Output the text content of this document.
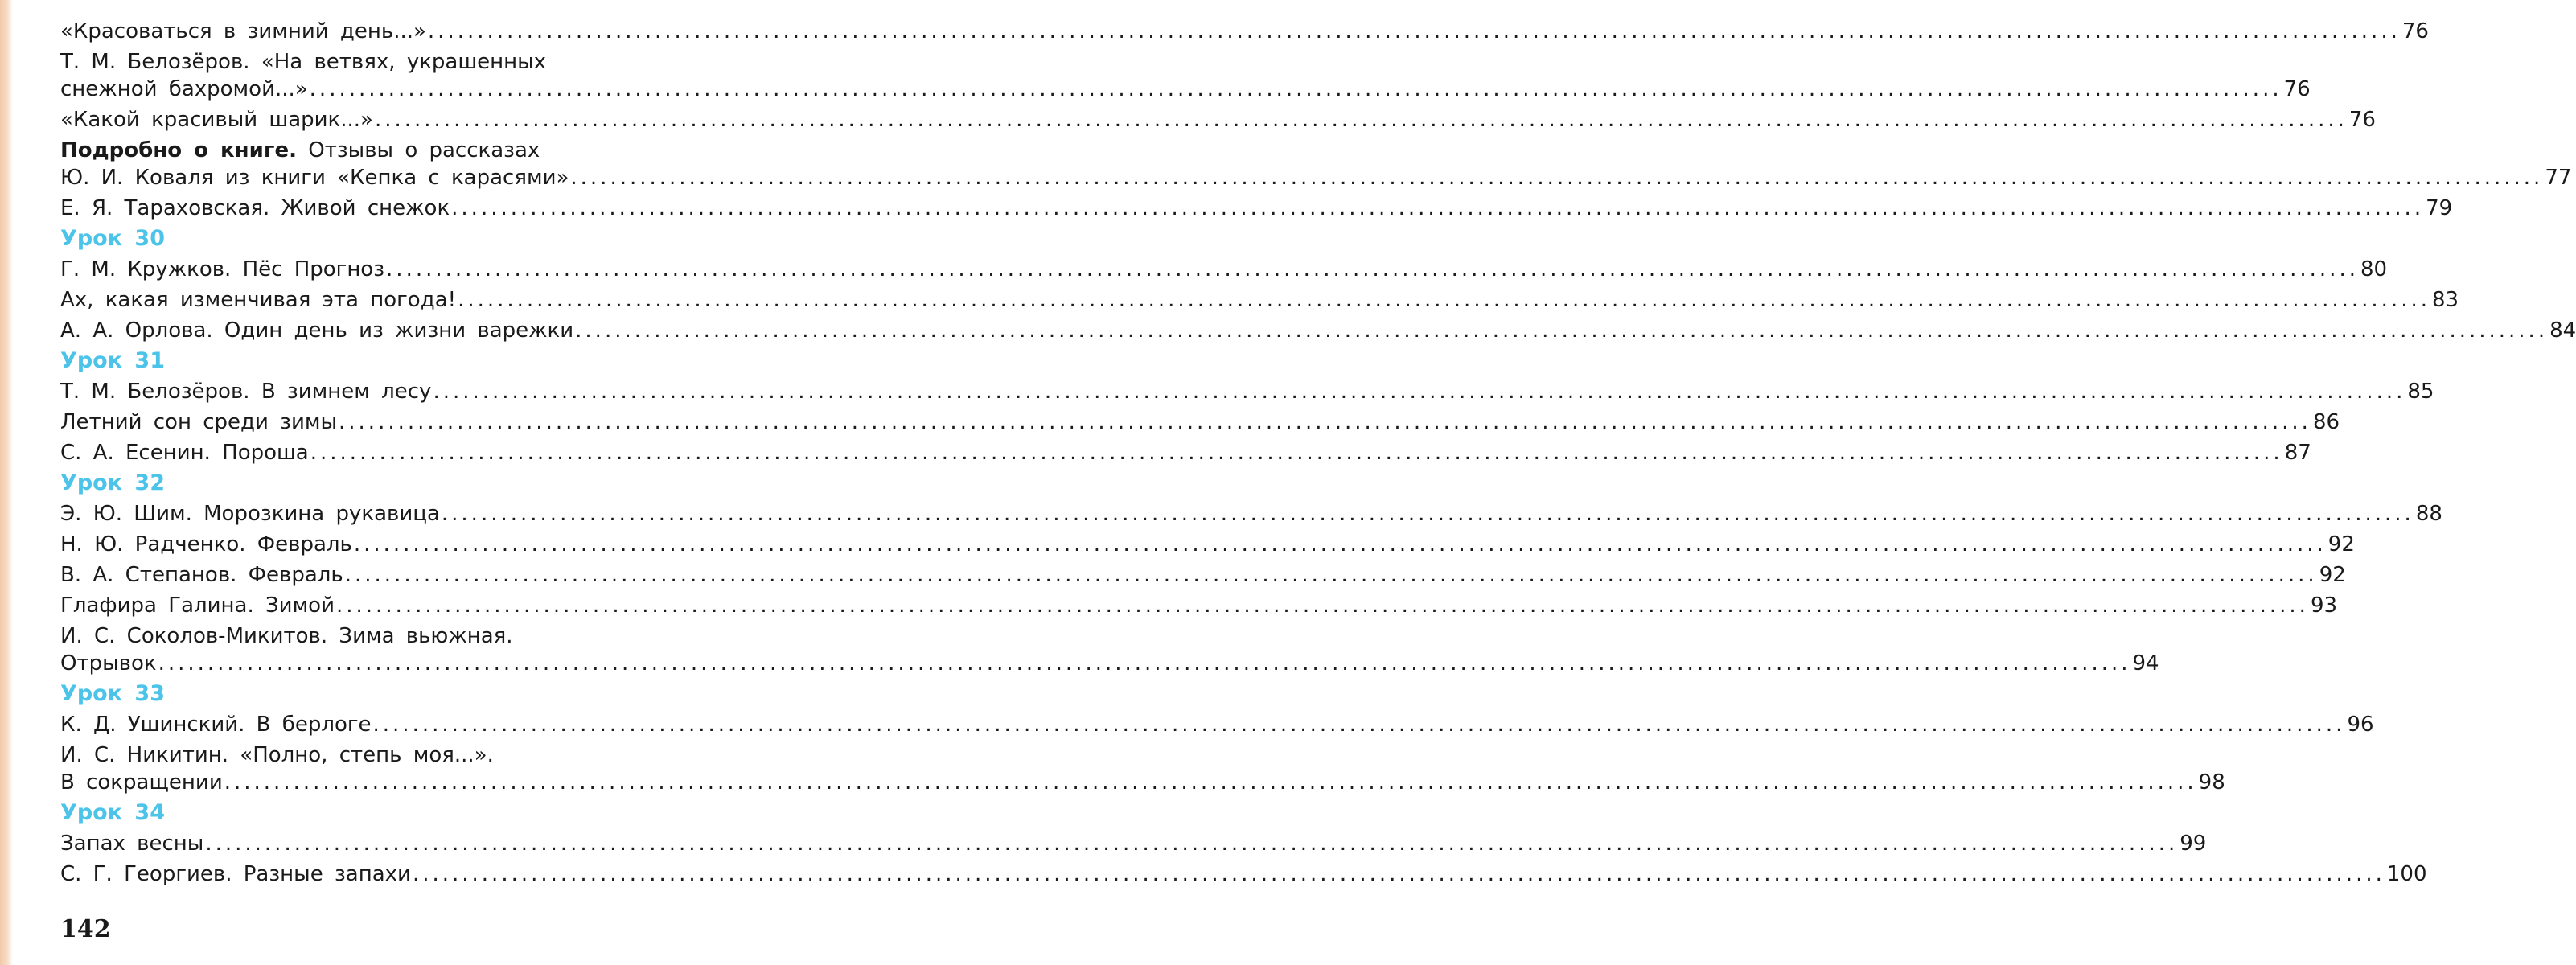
«Красоваться в зимний день...» ........................................................................................................................................................................................................ 76
Т. М. Белозёров. «На ветвях, украшенных
снежной бахромой...» ........................................................................................................................................................................................................ 76
«Какой красивый шарик...» ........................................................................................................................................................................................................ 76
Подробно о книге. Отзывы о рассказах
Ю. И. Коваля из книги «Кепка с карасями» ........................................................................................................................................................................................................ 77
Е. Я. Тараховская. Живой снежок ........................................................................................................................................................................................................ 79
Урок 30
Г. М. Кружков. Пёс Прогноз ........................................................................................................................................................................................................ 80
Ах, какая изменчивая эта погода! ........................................................................................................................................................................................................ 83
А. А. Орлова. Один день из жизни варежки ........................................................................................................................................................................................................ 84
Урок 31
Т. М. Белозёров. В зимнем лесу ........................................................................................................................................................................................................ 85
Летний сон среди зимы ........................................................................................................................................................................................................ 86
С. А. Есенин. Пороша ........................................................................................................................................................................................................ 87
Урок 32
Э. Ю. Шим. Морозкина рукавица ........................................................................................................................................................................................................ 88
Н. Ю. Радченко. Февраль ........................................................................................................................................................................................................ 92
В. А. Степанов. Февраль ........................................................................................................................................................................................................ 92
Глафира Галина. Зимой ........................................................................................................................................................................................................ 93
И. С. Соколов-Микитов. Зима вьюжная.
Отрывок ........................................................................................................................................................................................................ 94
Урок 33
К. Д. Ушинский. В берлоге ........................................................................................................................................................................................................ 96
И. С. Никитин. «Полно, степь моя...».
В сокращении ........................................................................................................................................................................................................ 98
Урок 34
Запах весны ........................................................................................................................................................................................................ 99
С. Г. Георгиев. Разные запахи ........................................................................................................................................................................................................ 100
142
